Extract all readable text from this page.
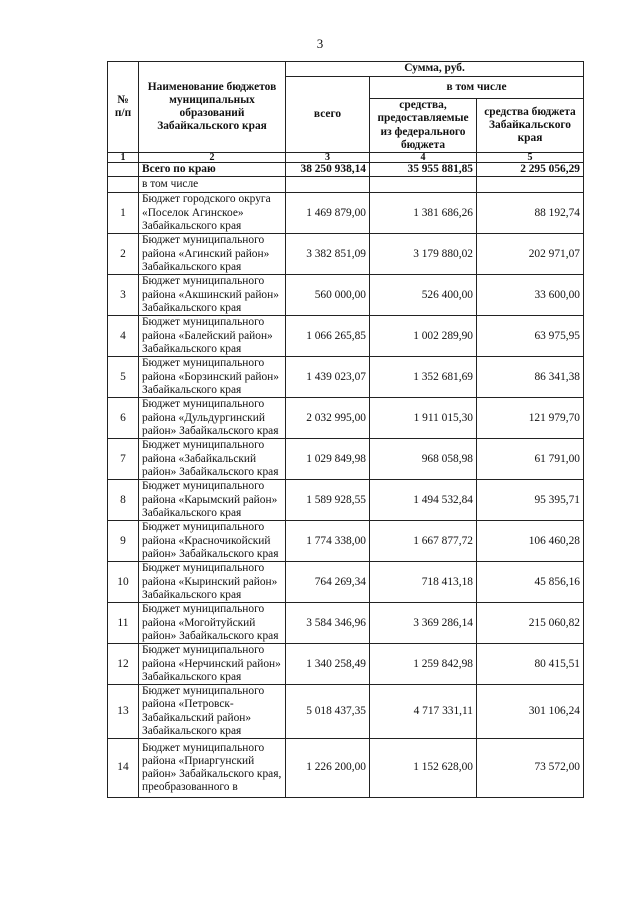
3
№ п/п	Наименование бюджетов муниципальных образований Забайкальского края	Сумма, руб.		
		всего	в том числе	
			средства, предоставляемые из федерального бюджета	средства бюджета Забайкальского края
1	2	3	4	5
	Всего по краю	38 250 938,14	35 955 881,85	2 295 056,29
	в том числе			
1	Бюджет городского округа «Поселок Агинское» Забайкальского края	1 469 879,00	1 381 686,26	88 192,74
2	Бюджет муниципального района «Агинский район» Забайкальского края	3 382 851,09	3 179 880,02	202 971,07
3	Бюджет муниципального района «Акшинский район» Забайкальского края	560 000,00	526 400,00	33 600,00
4	Бюджет муниципального района «Балейский район» Забайкальского края	1 066 265,85	1 002 289,90	63 975,95
5	Бюджет муниципального района «Борзинский район» Забайкальского края	1 439 023,07	1 352 681,69	86 341,38
6	Бюджет муниципального района «Дульдургинский район» Забайкальского края	2 032 995,00	1 911 015,30	121 979,70
7	Бюджет муниципального района «Забайкальский район» Забайкальского края	1 029 849,98	968 058,98	61 791,00
8	Бюджет муниципального района «Карымский район» Забайкальского края	1 589 928,55	1 494 532,84	95 395,71
9	Бюджет муниципального района «Красночикойский район» Забайкальского края	1 774 338,00	1 667 877,72	106 460,28
10	Бюджет муниципального района «Кыринский район» Забайкальского края	764 269,34	718 413,18	45 856,16
11	Бюджет муниципального района «Могойтуйский район» Забайкальского края	3 584 346,96	3 369 286,14	215 060,82
12	Бюджет муниципального района «Нерчинский район» Забайкальского края	1 340 258,49	1 259 842,98	80 415,51
13	Бюджет муниципального района «Петровск-Забайкальский район» Забайкальского края	5 018 437,35	4 717 331,11	301 106,24
14	Бюджет муниципального района «Приаргунский район» Забайкальского края, преобразованного в	1 226 200,00	1 152 628,00	73 572,00
